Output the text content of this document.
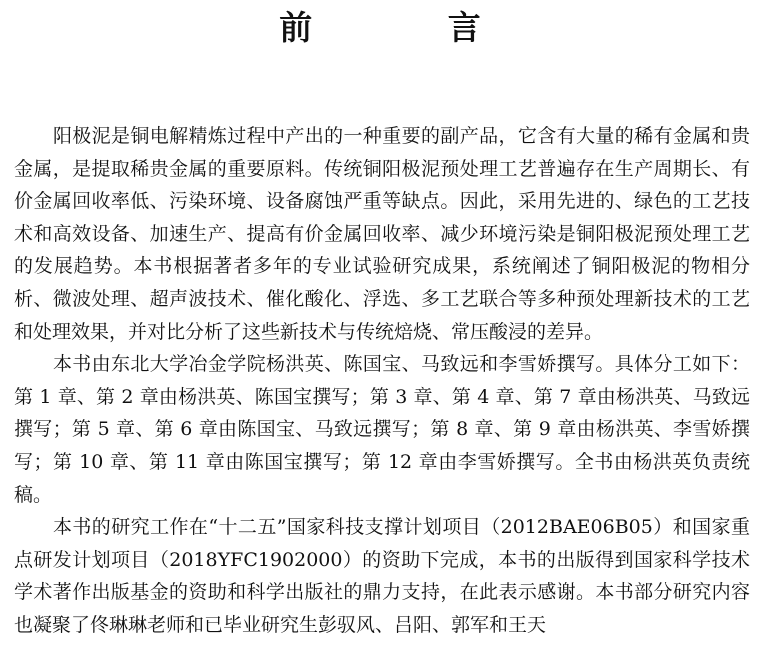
前 言

阳极泥是铜电解精炼过程中产出的一种重要的副产品，它含有大量的稀有金属和贵金属，是提取稀贵金属的重要原料。传统铜阳极泥预处理工艺普遍存在生产周期长、有价金属回收率低、污染环境、设备腐蚀严重等缺点。因此，采用先进的、绿色的工艺技术和高效设备、加速生产、提高有价金属回收率、减少环境污染是铜阳极泥预处理工艺的发展趋势。本书根据著者多年的专业试验研究成果，系统阐述了铜阳极泥的物相分析、微波处理、超声波技术、催化酸化、浮选、多工艺联合等多种预处理新技术的工艺和处理效果，并对比分析了这些新技术与传统焙烧、常压酸浸的差异。

本书由东北大学冶金学院杨洪英、陈国宝、马致远和李雪娇撰写。具体分工如下：第 1 章、第 2 章由杨洪英、陈国宝撰写；第 3 章、第 4 章、第 7 章由杨洪英、马致远撰写；第 5 章、第 6 章由陈国宝、马致远撰写；第 8 章、第 9 章由杨洪英、李雪娇撰写；第 10 章、第 11 章由陈国宝撰写；第 12 章由李雪娇撰写。全书由杨洪英负责统稿。

本书的研究工作在“十二五”国家科技支撑计划项目（2012BAE06B05）和国家重点研发计划项目（2018YFC1902000）的资助下完成，本书的出版得到国家科学技术学术著作出版基金的资助和科学出版社的鼎力支持，在此表示感谢。本书部分研究内容也凝聚了佟琳琳老师和已毕业研究生彭驭风、吕阳、郭军和王天
